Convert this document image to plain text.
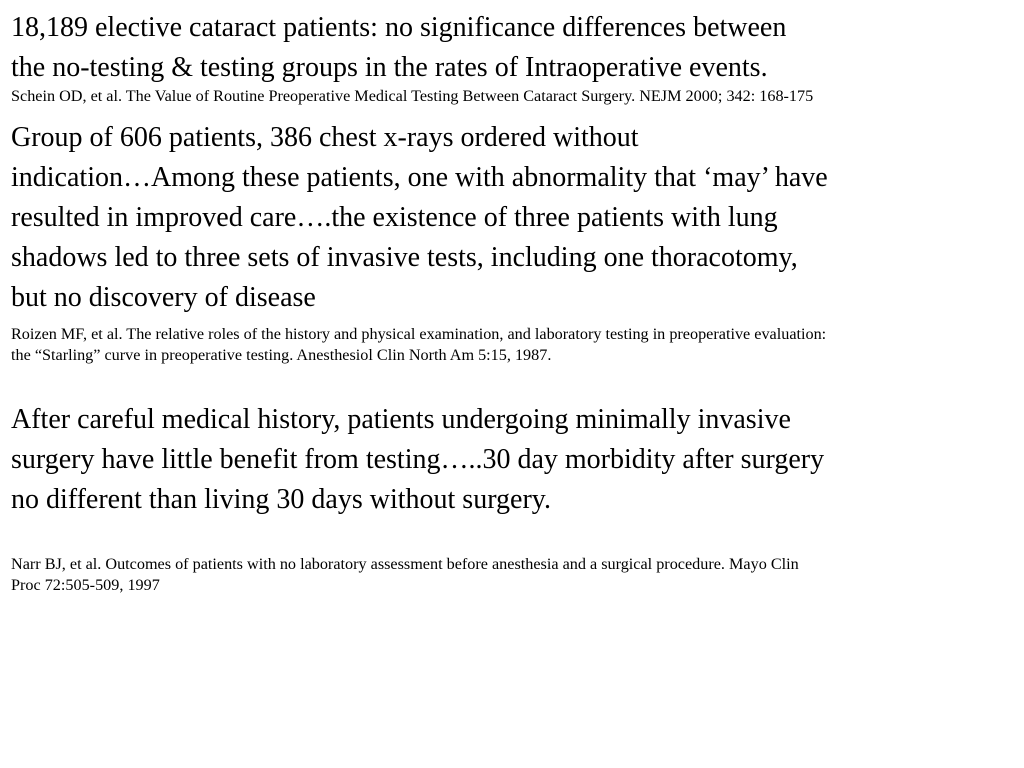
18,189 elective cataract patients: no significance differences between
the no-testing & testing groups in the rates of Intraoperative events.

Schein OD, et al. The Value of Routine Preoperative Medical Testing Between Cataract Surgery. NEJM 2000; 342: 168-175

Group of 606 patients, 386 chest x-rays ordered without
indication…Among these patients, one with abnormality that ‘may’ have
resulted in improved care….the existence of three patients with lung
shadows led to three sets of invasive tests, including one thoracotomy,
but no discovery of disease

Roizen MF, et al. The relative roles of the history and physical examination, and laboratory testing in preoperative evaluation:
the “Starling” curve in preoperative testing. Anesthesiol Clin North Am 5:15, 1987.

After careful medical history, patients undergoing minimally invasive
surgery have little benefit from testing…..30 day morbidity after surgery
no different than living 30 days without surgery.

Narr BJ, et al. Outcomes of patients with no laboratory assessment before anesthesia and a surgical procedure. Mayo Clin
Proc 72:505-509, 1997
